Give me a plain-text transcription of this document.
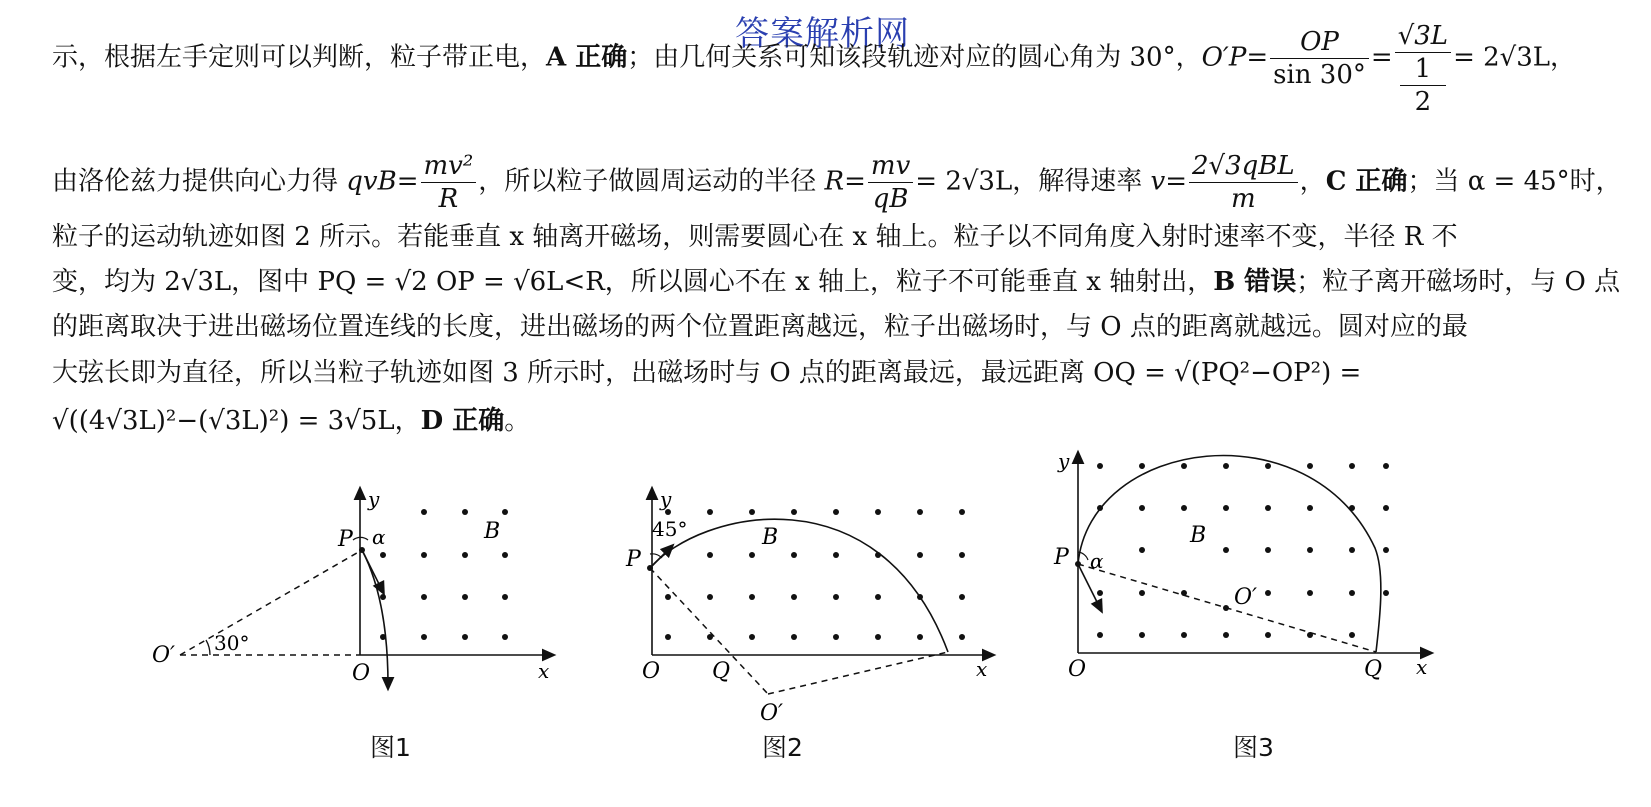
答案解析网
示，根据左手定则可以判断，粒子带正电，A 正确；由几何关系可知该段轨迹对应的圆心角为 30°，$O'P= \frac{OP}{\sin 30^\circ} = √3L$
1
2 = 2√3L，
由洛伦兹力提供向心力得 $qvB= \frac{\text{mv²}}{R}$ ，所以粒子做圆周运动的半径 $R= \frac{mv}{qB} = 2√3L$，解得速率 $v= \frac{\text{2√3qBL}}{m}$ ，C 正确；当 α = 45°时，
粒子的运动轨迹如图 2 所示。若能垂直 x 轴离开磁场，则需要圆心在 x 轴上。粒子以不同角度入射时速率不变，半径 R 不
变，均为 2√3L，图中 PQ = √2 OP = √6L<R，所以圆心不在 x 轴上，粒子不可能垂直 x 轴射出，B 错误；粒子离开磁场时，与 O 点
的距离取决于进出磁场位置连线的长度，进出磁场的两个位置距离越远，粒子出磁场时，与 O 点的距离就越远。圆对应的最
大弦长即为直径，所以当粒子轨迹如图 3 所示时，出磁场时与 O 点的距离最远，最远距离 OQ = √(PQ²−OP²) =
√((4√3L)²−(√3L)²) = 3√5L，D 正确。
y
x
P α	B
O
O′ 30°
图1
y
x
P
45°	B
O Q
O′
图2
y
x
P α
B
O	Q
O′
图3
